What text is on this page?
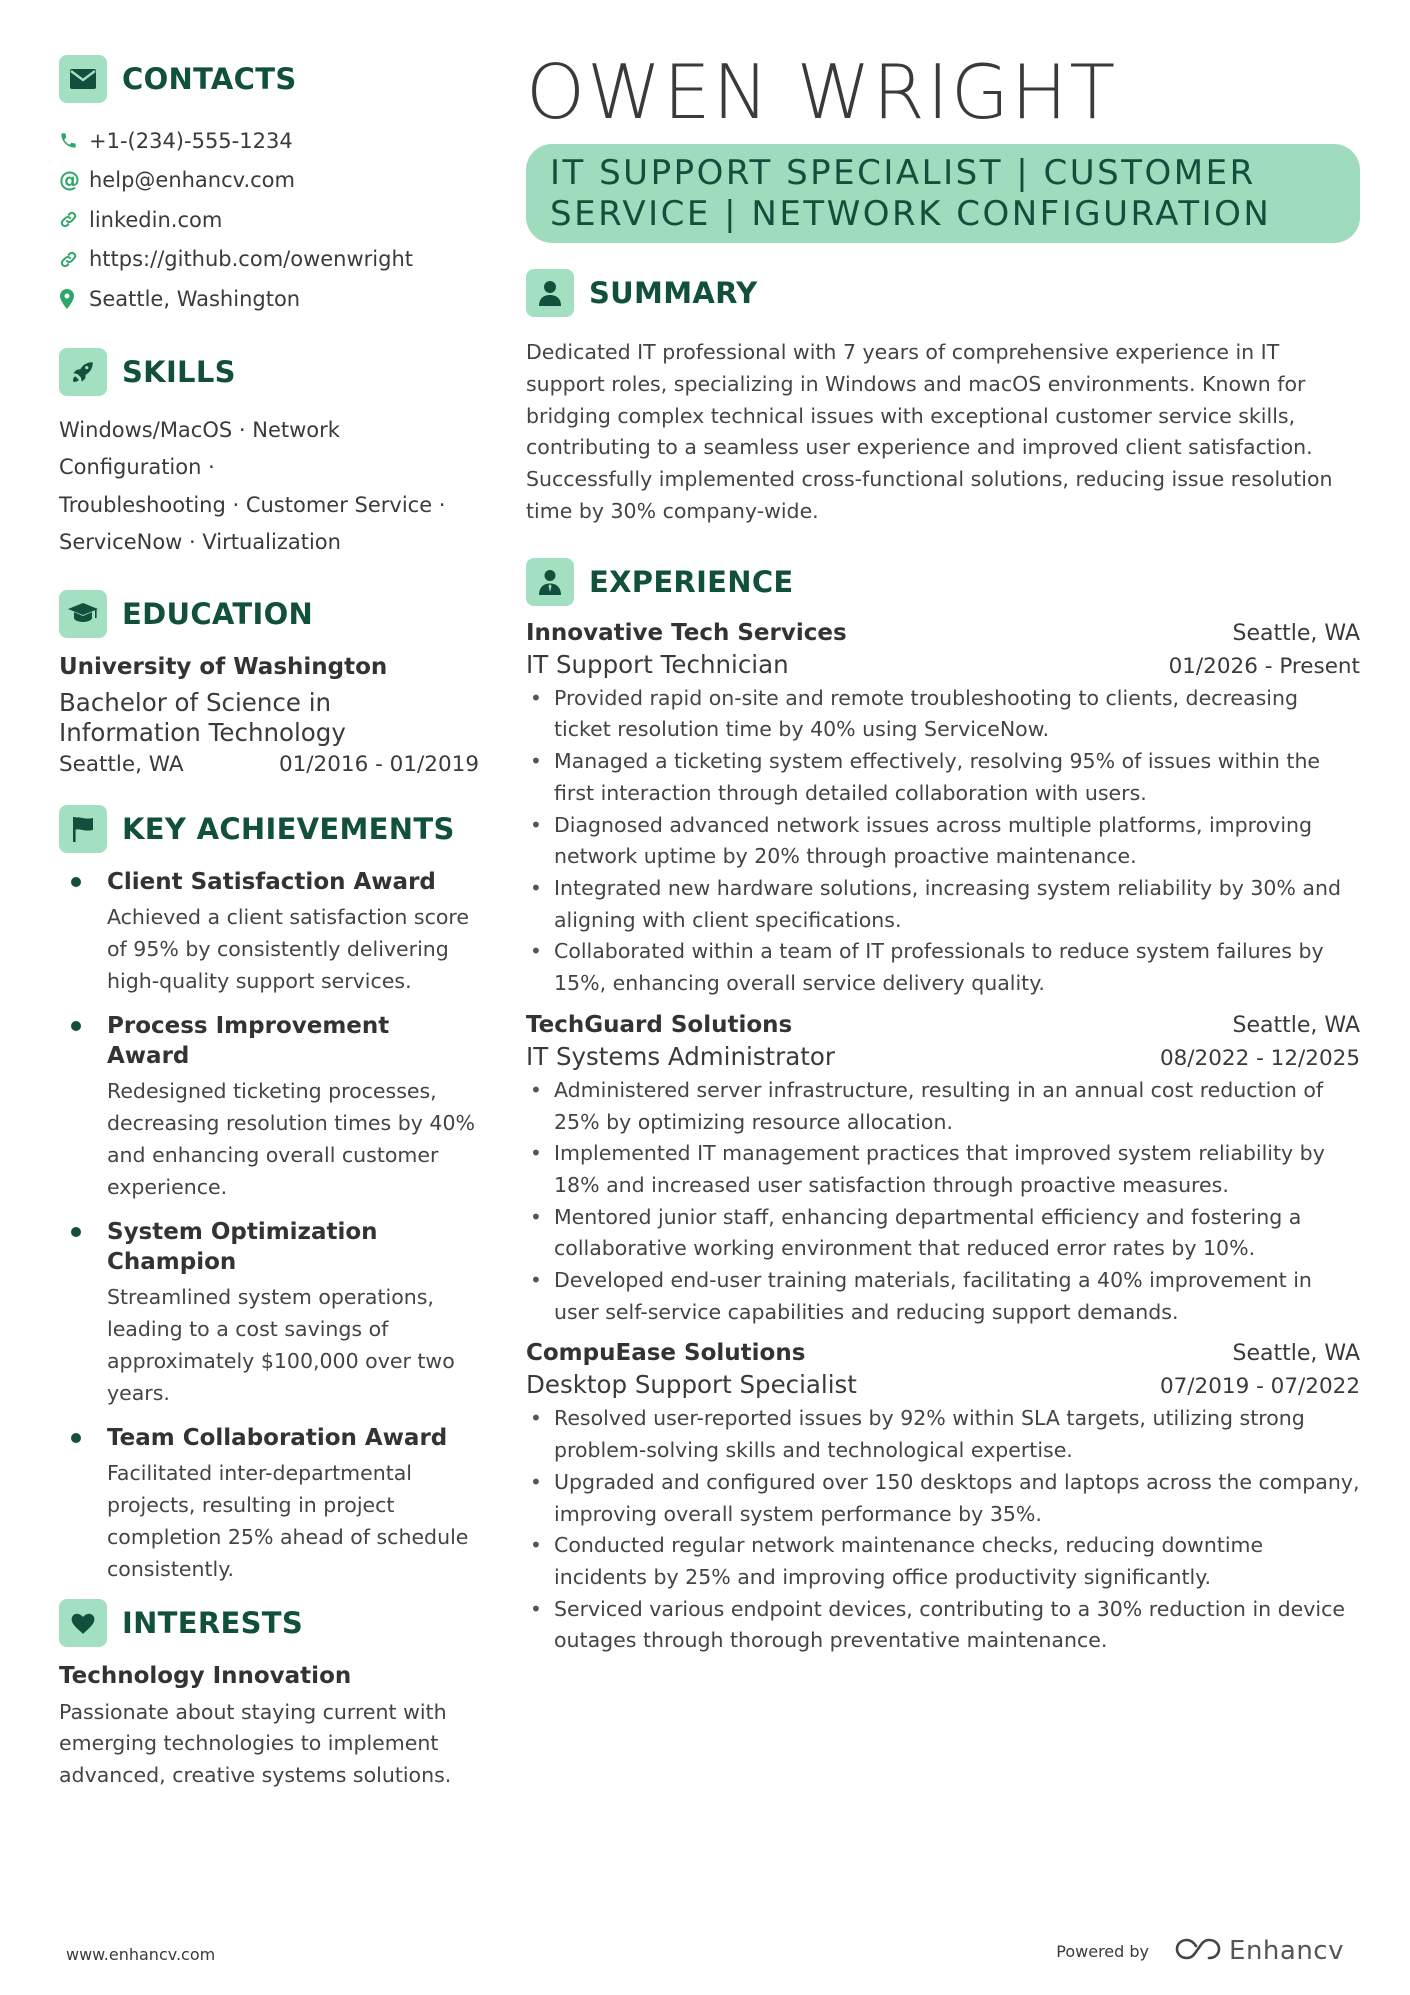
CONTACTS
+1-(234)-555-1234
@ help@enhancv.com
linkedin.com
https://github.com/owenwright
Seattle, Washington
SKILLS
Windows/MacOS · Network Configuration ·
Troubleshooting · Customer Service ·
ServiceNow · Virtualization
EDUCATION
University of Washington
Bachelor of Science in Information Technology
Seattle, WA	01/2016 - 01/2019
KEY ACHIEVEMENTS
Client Satisfaction Award
Achieved a client satisfaction score of 95% by consistently delivering high-quality support services.
Process Improvement Award
Redesigned ticketing processes, decreasing resolution times by 40% and enhancing overall customer experience.
System Optimization Champion
Streamlined system operations, leading to a cost savings of approximately $100,000 over two years.
Team Collaboration Award
Facilitated inter-departmental projects, resulting in project completion 25% ahead of schedule consistently.
INTERESTS
Technology Innovation
Passionate about staying current with emerging technologies to implement advanced, creative systems solutions.
OWEN WRIGHT
IT SUPPORT SPECIALIST | CUSTOMER SERVICE | NETWORK CONFIGURATION
SUMMARY
Dedicated IT professional with 7 years of comprehensive experience in IT support roles, specializing in Windows and macOS environments. Known for bridging complex technical issues with exceptional customer service skills, contributing to a seamless user experience and improved client satisfaction. Successfully implemented cross-functional solutions, reducing issue resolution time by 30% company-wide.
EXPERIENCE
Innovative Tech Services	Seattle, WA
IT Support Technician	01/2026 - Present
• Provided rapid on-site and remote troubleshooting to clients, decreasing ticket resolution time by 40% using ServiceNow.
• Managed a ticketing system effectively, resolving 95% of issues within the first interaction through detailed collaboration with users.
• Diagnosed advanced network issues across multiple platforms, improving network uptime by 20% through proactive maintenance.
• Integrated new hardware solutions, increasing system reliability by 30% and aligning with client specifications.
• Collaborated within a team of IT professionals to reduce system failures by 15%, enhancing overall service delivery quality.
TechGuard Solutions	Seattle, WA
IT Systems Administrator	08/2022 - 12/2025
• Administered server infrastructure, resulting in an annual cost reduction of 25% by optimizing resource allocation.
• Implemented IT management practices that improved system reliability by 18% and increased user satisfaction through proactive measures.
• Mentored junior staff, enhancing departmental efficiency and fostering a collaborative working environment that reduced error rates by 10%.
• Developed end-user training materials, facilitating a 40% improvement in user self-service capabilities and reducing support demands.
CompuEase Solutions	Seattle, WA
Desktop Support Specialist	07/2019 - 07/2022
• Resolved user-reported issues by 92% within SLA targets, utilizing strong problem-solving skills and technological expertise.
• Upgraded and configured over 150 desktops and laptops across the company, improving overall system performance by 35%.
• Conducted regular network maintenance checks, reducing downtime incidents by 25% and improving office productivity significantly.
• Serviced various endpoint devices, contributing to a 30% reduction in device outages through thorough preventative maintenance.
www.enhancv.com	Powered by	Enhancv
